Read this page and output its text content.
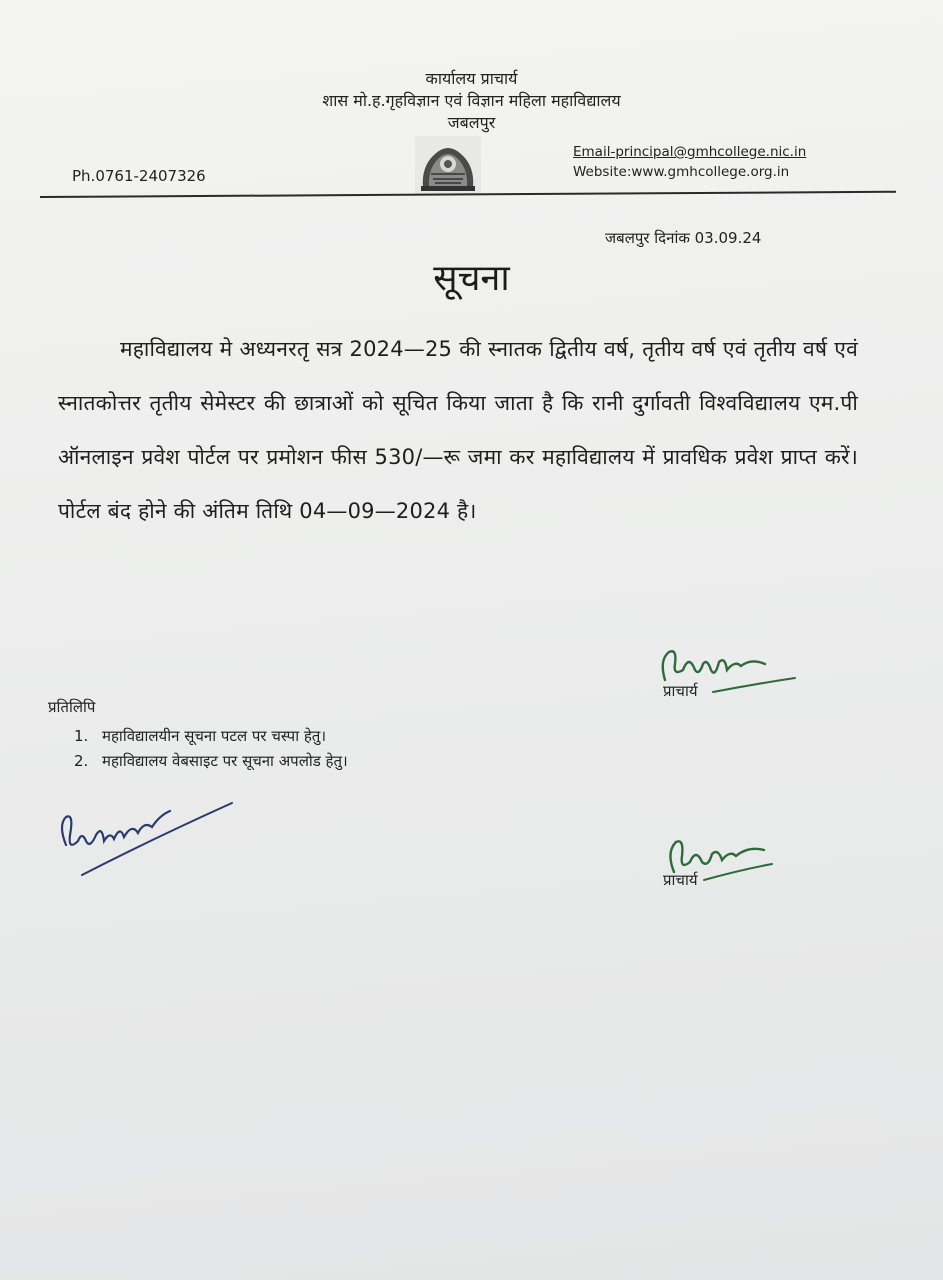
कार्यालय प्राचार्य
शास मो.ह.गृहविज्ञान एवं विज्ञान महिला महाविद्यालय
जबलपुर
Email-principal@gmhcollege.nic.in
Website:www.gmhcollege.org.in
Ph.0761-2407326
जबलपुर दिनांक 03.09.24
सूचना
महाविद्यालय मे अध्यनरतृ सत्र 2024—25 की स्नातक द्वितीय वर्ष, तृतीय वर्ष एवं तृतीय वर्ष एवं स्नातकोत्तर तृतीय सेमेस्टर की छात्राओं को सूचित किया जाता है कि रानी दुर्गावती विश्वविद्यालय एम.पी ऑनलाइन प्रवेश पोर्टल पर प्रमोशन फीस 530/—रू जमा कर महाविद्यालय में प्रावधिक प्रवेश प्राप्त करें। पोर्टल बंद होने की अंतिम तिथि 04—09—2024 है।
प्राचार्य
प्रतिलिपि
1. महाविद्यालयीन सूचना पटल पर चस्पा हेतु।
2. महाविद्यालय वेबसाइट पर सूचना अपलोड हेतु।
प्राचार्य
